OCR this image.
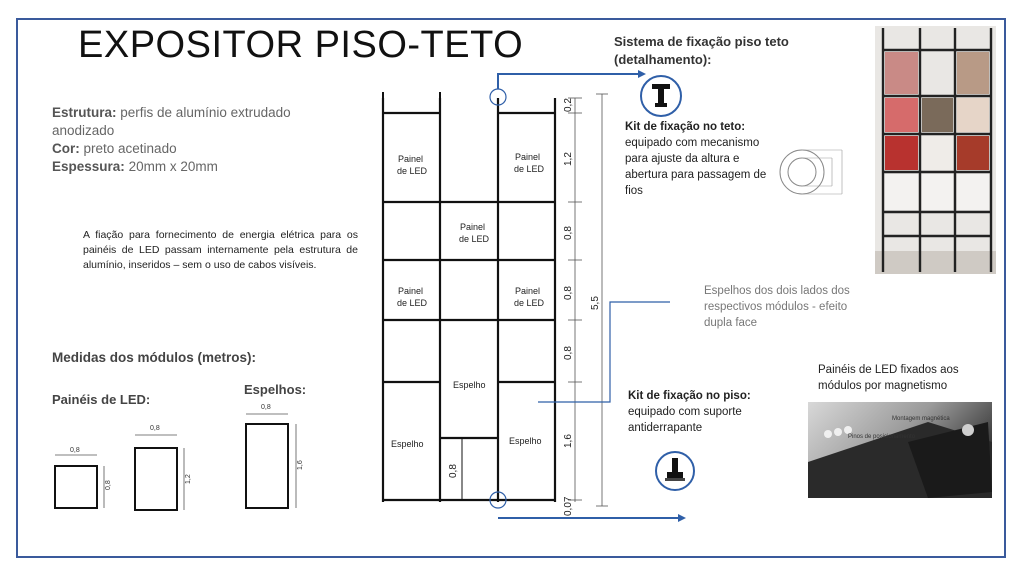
EXPOSITOR PISO-TETO
Estrutura: perfis de alumínio extrudado anodizado
Cor: preto acetinado
Espessura: 20mm x 20mm
A fiação para fornecimento de energia elétrica para os painéis de LED passam internamente pela estrutura de alumínio, inseridos – sem o uso de cabos visíveis.
Medidas dos módulos (metros):
Painéis de LED:
Espelhos:
0,8
0,8
0,8
1,2
0,8
1,6
Painel
de LED
Painel
de LED
Painel
de LED
Painel
de LED
Painel
de LED
Espelho
Espelho	Espelho
0,8
0,2
1,2
0,8
0,8
0,8
1,6
0,07
5,5
Sistema de fixação piso teto (detalhamento):
Kit de fixação no teto: equipado com mecanismo para ajuste da altura e abertura para passagem de fios
Kit de fixação no piso: equipado com suporte antiderrapante
Espelhos dos dois lados dos respectivos módulos - efeito dupla face
Painéis de LED fixados aos módulos por magnetismo
Montagem magnética
Pinos de posicionamento
